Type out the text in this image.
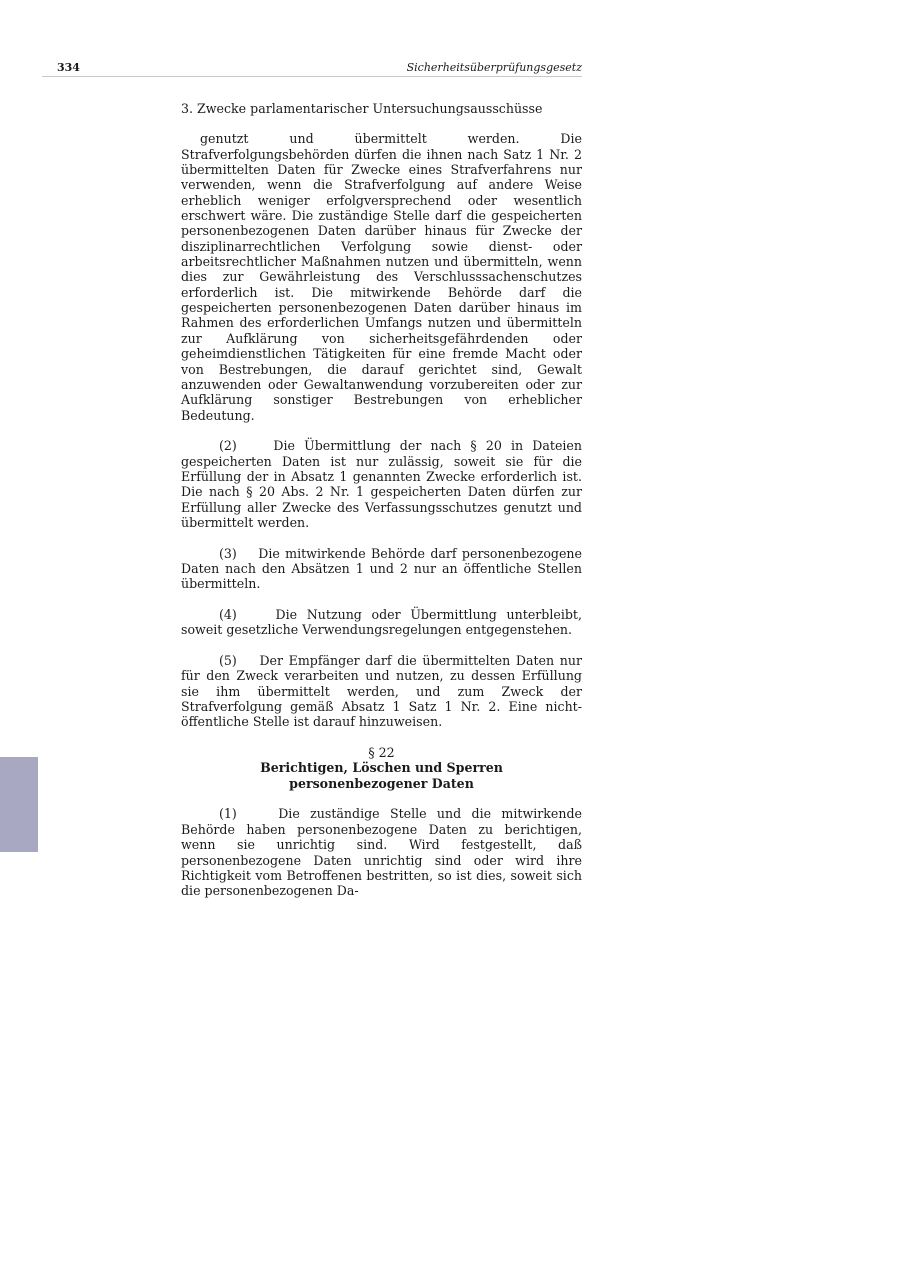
334	Sicherheitsüberprüfungsgesetz

3. Zwecke parlamentarischer Untersuchungsausschüsse

genutzt und übermittelt werden. Die Strafverfolgungsbehörden dürfen die ihnen nach Satz 1 Nr. 2 übermittelten Daten für Zwecke eines Strafverfahrens nur verwenden, wenn die Strafverfolgung auf andere Weise erheblich weniger erfolgversprechend oder wesentlich erschwert wäre. Die zuständige Stelle darf die gespeicherten personenbezogenen Daten darüber hinaus für Zwecke der disziplinarrechtlichen Verfolgung sowie dienst- oder arbeitsrechtlicher Maßnahmen nutzen und übermitteln, wenn dies zur Gewährleistung des Verschlusssachenschutzes erforderlich ist. Die mitwirkende Behörde darf die gespeicherten personenbezogenen Daten darüber hinaus im Rahmen des erforderlichen Umfangs nutzen und übermitteln zur Aufklärung von sicherheitsgefährdenden oder geheimdienstlichen Tätigkeiten für eine fremde Macht oder von Bestrebungen, die darauf gerichtet sind, Gewalt anzuwenden oder Gewaltanwendung vorzubereiten oder zur Aufklärung sonstiger Bestrebungen von erheblicher Bedeutung.

(2)	Die Übermittlung der nach § 20 in Dateien gespeicherten Daten ist nur zulässig, soweit sie für die Erfüllung der in Absatz 1 genannten Zwecke erforderlich ist. Die nach § 20 Abs. 2 Nr. 1 gespeicherten Daten dürfen zur Erfüllung aller Zwecke des Verfassungsschutzes genutzt und übermittelt werden.

(3) Die mitwirkende Behörde darf personenbezogene Daten nach den Absätzen 1 und 2 nur an öffentliche Stellen übermitteln.

(4)	Die Nutzung oder Übermittlung unterbleibt, soweit gesetzliche Verwendungsregelungen entgegenstehen.

(5) Der Empfänger darf die übermittelten Daten nur für den Zweck verarbeiten und nutzen, zu dessen Erfüllung sie ihm übermittelt werden, und zum Zweck der Strafverfolgung gemäß Absatz 1 Satz 1 Nr. 2. Eine nicht-öffentliche Stelle ist darauf hinzuweisen.

§ 22
Berichtigen, Löschen und Sperren
personenbezogener Daten

(1)	Die zuständige Stelle und die mitwirkende Behörde haben personenbezogene Daten zu berichtigen, wenn sie unrichtig sind. Wird festgestellt, daß personenbezogene Daten unrichtig sind oder wird ihre Richtigkeit vom Betroffenen bestritten, so ist dies, soweit sich die personenbezogenen Da-
